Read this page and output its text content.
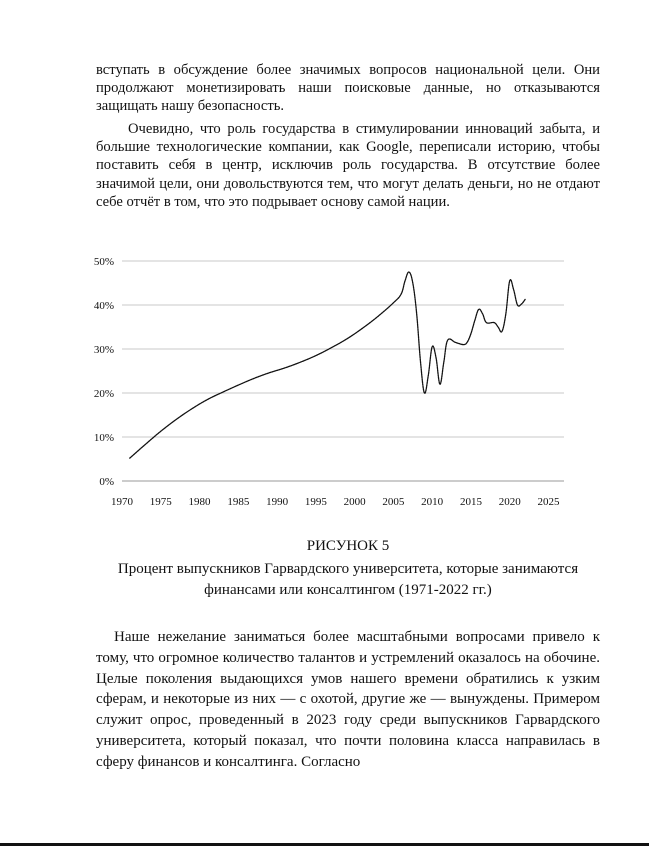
вступать в обсуждение более значимых вопросов национальной цели. Они продолжают монетизировать наши поисковые данные, но отказываются защищать нашу безопасность.

Очевидно, что роль государства в стимулировании инноваций забыта, и большие технологические компании, как Google, переписали историю, чтобы поставить себя в центр, исключив роль государства. В отсутствие более значимой цели, они довольствуются тем, что могут делать деньги, но не отдают себе отчёт в том, что это подрывает основу самой нации.

0%
10%
20%
30%
40%
50%
1970 1975 1980 1985 1990 1995 2000 2005 2010 2015 2020 2025

РИСУНОК 5

Процент выпускников Гарвардского университета, которые занимаются финансами или консалтингом (1971-2022 гг.)

Наше нежелание заниматься более масштабными вопросами привело к тому, что огромное количество талантов и устремлений оказалось на обочине. Целые поколения выдающихся умов нашего времени обратились к узким сферам, и некоторые из них — с охотой, другие же — вынуждены. Примером служит опрос, проведенный в 2023 году среди выпускников Гарвардского университета, который показал, что почти половина класса направилась в сферу финансов и консалтинга. Согласно
